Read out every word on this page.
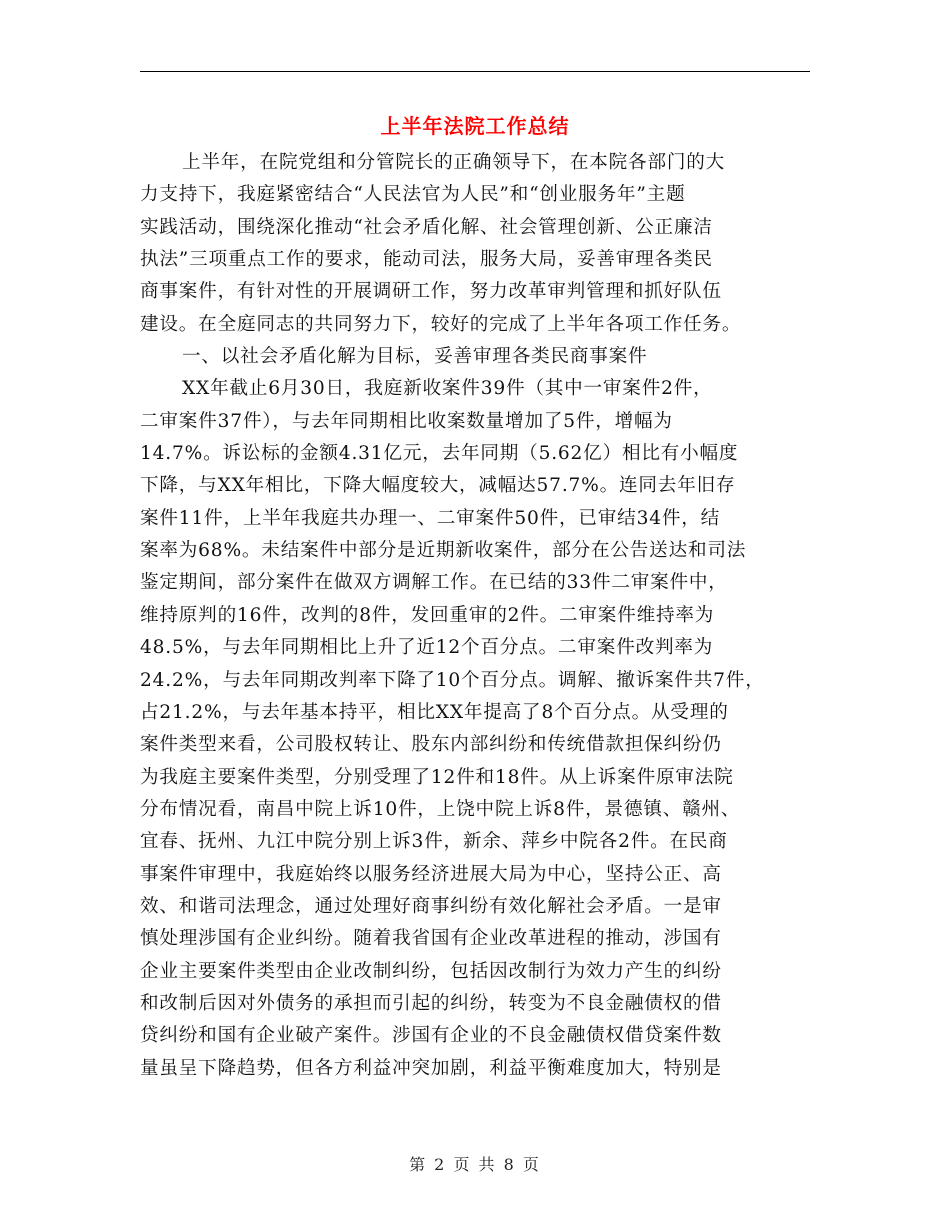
上半年法院工作总结
上半年，在院党组和分管院长的正确领导下，在本院各部门的大
力支持下，我庭紧密结合“人民法官为人民”和“创业服务年”主题
实践活动，围绕深化推动“社会矛盾化解、社会管理创新、公正廉洁
执法”三项重点工作的要求，能动司法，服务大局，妥善审理各类民
商事案件，有针对性的开展调研工作，努力改革审判管理和抓好队伍
建设。在全庭同志的共同努力下，较好的完成了上半年各项工作任务。
一、以社会矛盾化解为目标，妥善审理各类民商事案件
XX年截止6月30日，我庭新收案件39件（其中一审案件2件，
二审案件37件），与去年同期相比收案数量增加了5件，增幅为
14.7%。诉讼标的金额4.31亿元，去年同期（5.62亿）相比有小幅度
下降，与XX年相比，下降大幅度较大，减幅达57.7%。连同去年旧存
案件11件，上半年我庭共办理一、二审案件50件，已审结34件，结
案率为68%。未结案件中部分是近期新收案件，部分在公告送达和司法
鉴定期间，部分案件在做双方调解工作。在已结的33件二审案件中，
维持原判的16件，改判的8件，发回重审的2件。二审案件维持率为
48.5%，与去年同期相比上升了近12个百分点。二审案件改判率为
24.2%，与去年同期改判率下降了10个百分点。调解、撤诉案件共7件，
占21.2%，与去年基本持平，相比XX年提高了8个百分点。从受理的
案件类型来看，公司股权转让、股东内部纠纷和传统借款担保纠纷仍
为我庭主要案件类型，分别受理了12件和18件。从上诉案件原审法院
分布情况看，南昌中院上诉10件，上饶中院上诉8件，景德镇、赣州、
宜春、抚州、九江中院分别上诉3件，新余、萍乡中院各2件。在民商
事案件审理中，我庭始终以服务经济进展大局为中心，坚持公正、高
效、和谐司法理念，通过处理好商事纠纷有效化解社会矛盾。一是审
慎处理涉国有企业纠纷。随着我省国有企业改革进程的推动，涉国有
企业主要案件类型由企业改制纠纷，包括因改制行为效力产生的纠纷
和改制后因对外债务的承担而引起的纠纷，转变为不良金融债权的借
贷纠纷和国有企业破产案件。涉国有企业的不良金融债权借贷案件数
量虽呈下降趋势，但各方利益冲突加剧，利益平衡难度加大，特别是
第 2 页 共 8 页
